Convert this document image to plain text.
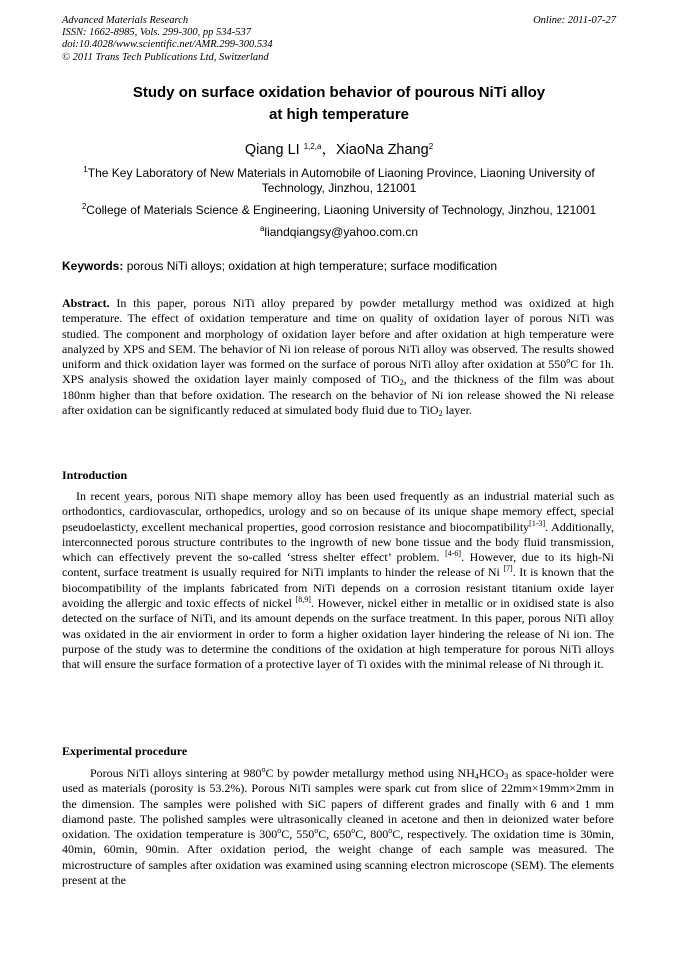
Advanced Materials Research
ISSN: 1662-8985, Vols. 299-300, pp 534-537
doi:10.4028/www.scientific.net/AMR.299-300.534
© 2011 Trans Tech Publications Ltd, Switzerland
Online: 2011-07-27
Study on surface oxidation behavior of pourous NiTi alloy
at high temperature
Qiang LI $^{1,2,a}$，XiaoNa Zhang$^2$
$^1$The Key Laboratory of New Materials in Automobile of Liaoning Province, Liaoning University of
Technology, Jinzhou, 121001
$^2$College of Materials Science & Engineering, Liaoning University of Technology, Jinzhou, 121001
$^a$liandqiangsy@yahoo.com.cn
Keywords: porous NiTi alloys; oxidation at high temperature; surface modification
Abstract. In this paper, porous NiTi alloy prepared by powder metallurgy method was oxidized at high temperature. The effect of oxidation temperature and time on quality of oxidation layer of porous NiTi was studied. The component and morphology of oxidation layer before and after oxidation at high temperature were analyzed by XPS and SEM. The behavior of Ni ion release of porous NiTi alloy was observed. The results showed uniform and thick oxidation layer was formed on the surface of porous NiTi alloy after oxidation at 550$^o$C for 1h. XPS analysis showed the oxidation layer mainly composed of TiO$_2$, and the thickness of the film was about 180nm higher than that before oxidation. The research on the behavior of Ni ion release showed the Ni release after oxidation can be significantly reduced at simulated body fluid due to TiO$_2$ layer.
Introduction
In recent years, porous NiTi shape memory alloy has been used frequently as an industrial material such as orthodontics, cardiovascular, orthopedics, urology and so on because of its unique shape memory effect, special pseudoelasticty, excellent mechanical properties, good corrosion resistance and biocompatibility[1-3]. Additionally, interconnected porous structure contributes to the ingrowth of new bone tissue and the body fluid transmission, which can effectively prevent the so-called ‘stress shelter effect’ problem. [4-6]. However, due to its high-Ni content, surface treatment is usually required for NiTi implants to hinder the release of Ni [7]. It is known that the biocompatibility of the implants fabricated from NiTi depends on a corrosion resistant titanium oxide layer avoiding the allergic and toxic effects of nickel [8,9]. However, nickel either in metallic or in oxidised state is also detected on the surface of NiTi, and its amount depends on the surface treatment. In this paper, porous NiTi alloy was oxidated in the air enviorment in order to form a higher oxidation layer hindering the release of Ni ion. The purpose of the study was to determine the conditions of the oxidation at high temperature for porous NiTi alloys that will ensure the surface formation of a protective layer of Ti oxides with the minimal release of Ni through it.
Experimental procedure
Porous NiTi alloys sintering at 980$^o$C by powder metallurgy method using $NH_4HCO_3$ as space-holder were used as materials (porosity is 53.2%). Porous NiTi samples were spark cut from slice of 22mm×19mm×2mm in the dimension. The samples were polished with SiC papers of different grades and finally with 6 and 1 mm diamond paste. The polished samples were ultrasonically cleaned in acetone and then in deionized water before oxidation. The oxidation temperature is 300$^o$C, 550$^o$C, 650$^o$C, 800$^o$C, respectively. The oxidation time is 30min, 40min, 60min, 90min. After oxidation period, the weight change of each sample was measured. The microstructure of samples after oxidation was examined using scanning electron microscope (SEM). The elements present at the
